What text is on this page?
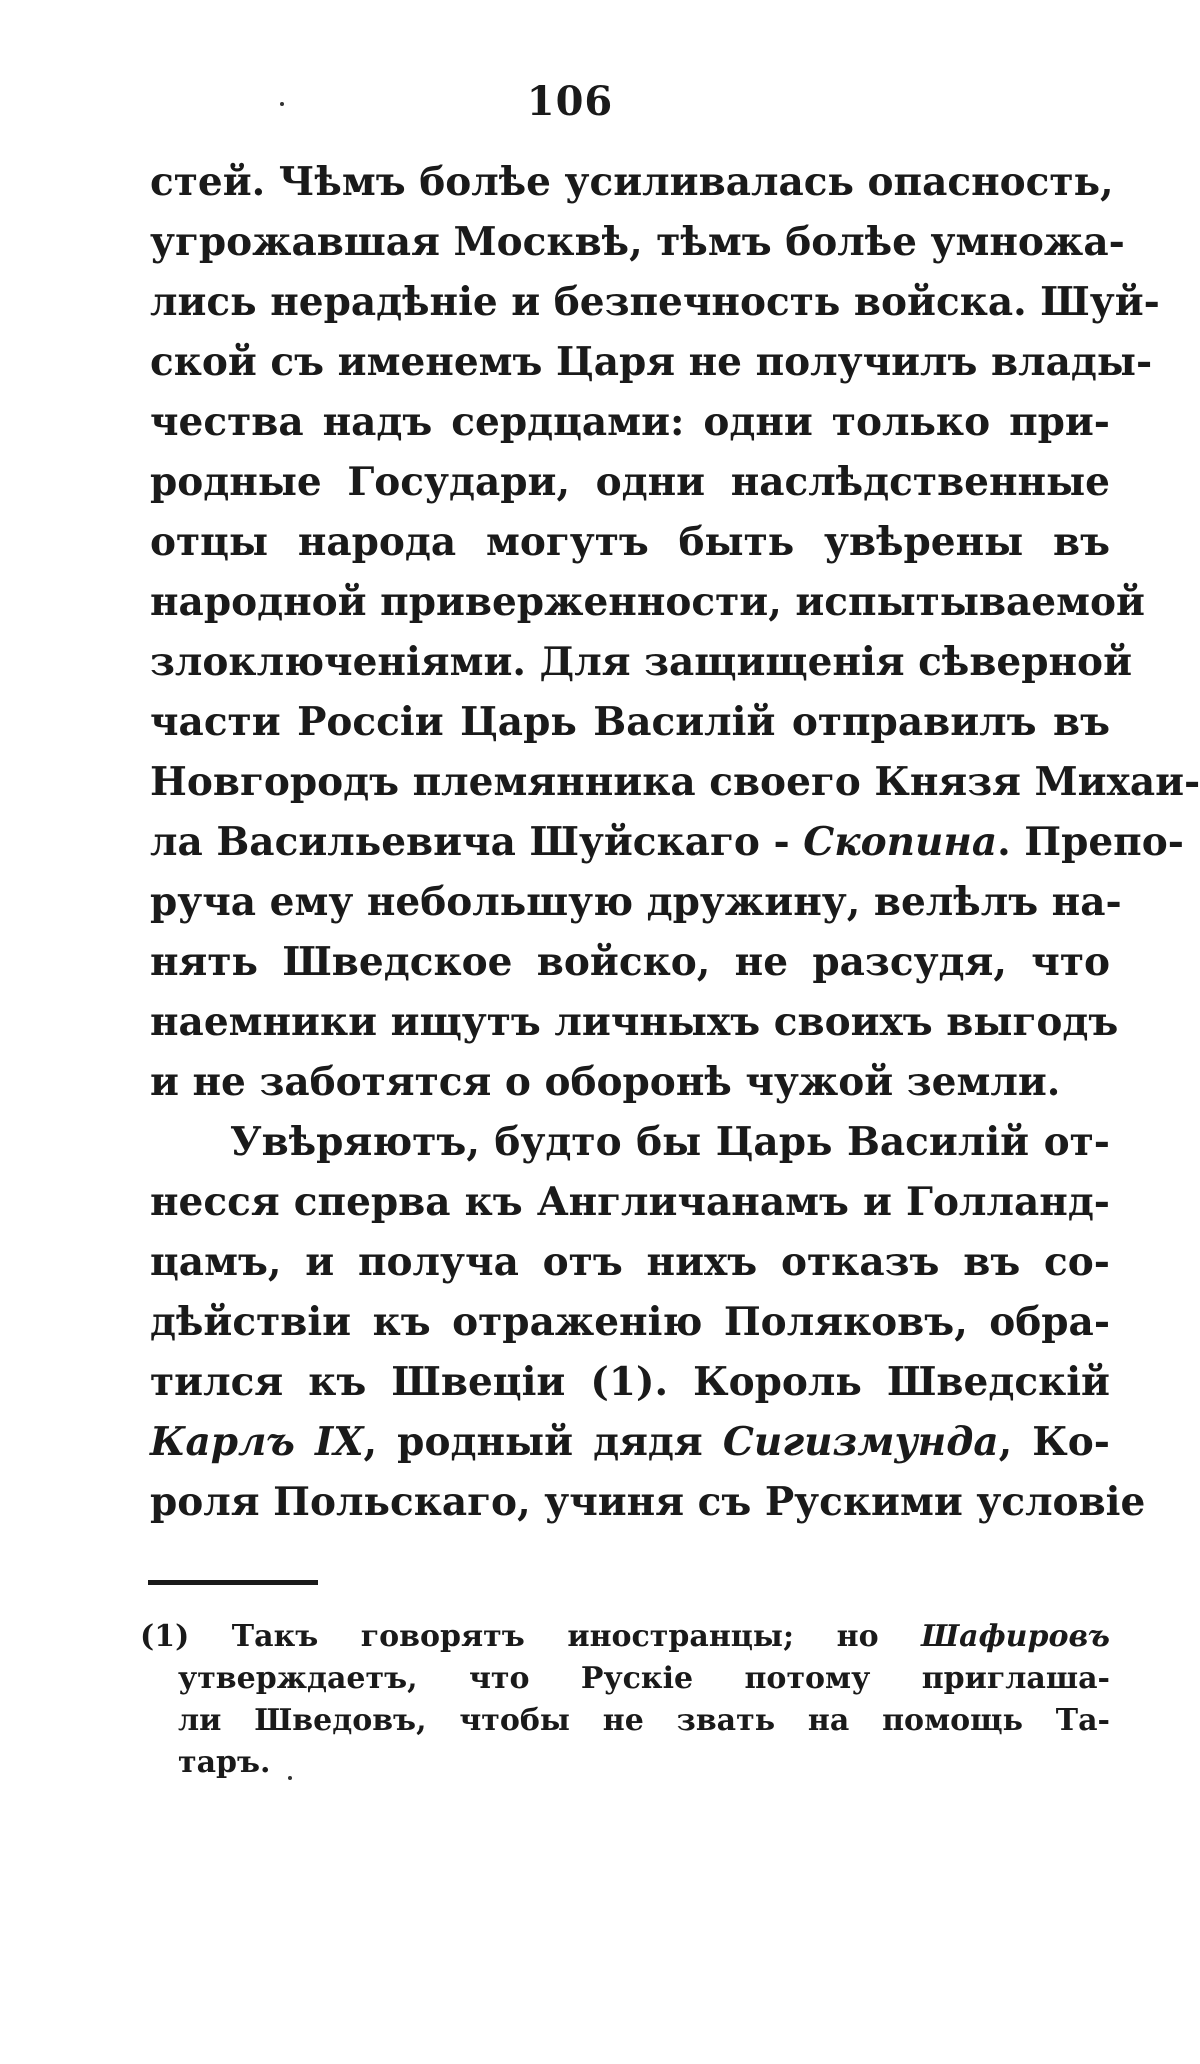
106
стей. Чѣмъ болѣе усиливалась опасность,
угрожавшая Москвѣ, тѣмъ болѣе умножа-
лись нерадѣніе и безпечность войска. Шуй-
ской съ именемъ Царя не получилъ влады-
чества надъ сердцами: одни только при-
родные Государи, одни наслѣдственные
отцы народа могутъ быть увѣрены въ
народной приверженности, испытываемой
злоключеніями. Для защищенія сѣверной
части Россіи Царь Василій отправилъ въ
Новгородъ племянника своего Князя Михаи-
ла Васильевича Шуйскаго - Скопина. Препо-
руча ему небольшую дружину, велѣлъ на-
нять Шведское войско, не разсудя, что
наемники ищутъ личныхъ своихъ выгодъ
и не заботятся о оборонѣ чужой земли.
Увѣряютъ, будто бы Царь Василій от-
несся сперва къ Англичанамъ и Голланд-
цамъ, и получа отъ нихъ отказъ въ со-
дѣйствіи къ отраженію Поляковъ, обра-
тился къ Швеціи (1). Король Шведскій
Карлъ IX, родный дядя Сигизмунда, Ко-
роля Польскаго, учиня съ Рускими условіе
(1) Такъ говорятъ иностранцы; но Шафировъ
утверждаетъ, что Рускіе потому приглаша-
ли Шведовъ, чтобы не звать на помощь Та-
таръ.
